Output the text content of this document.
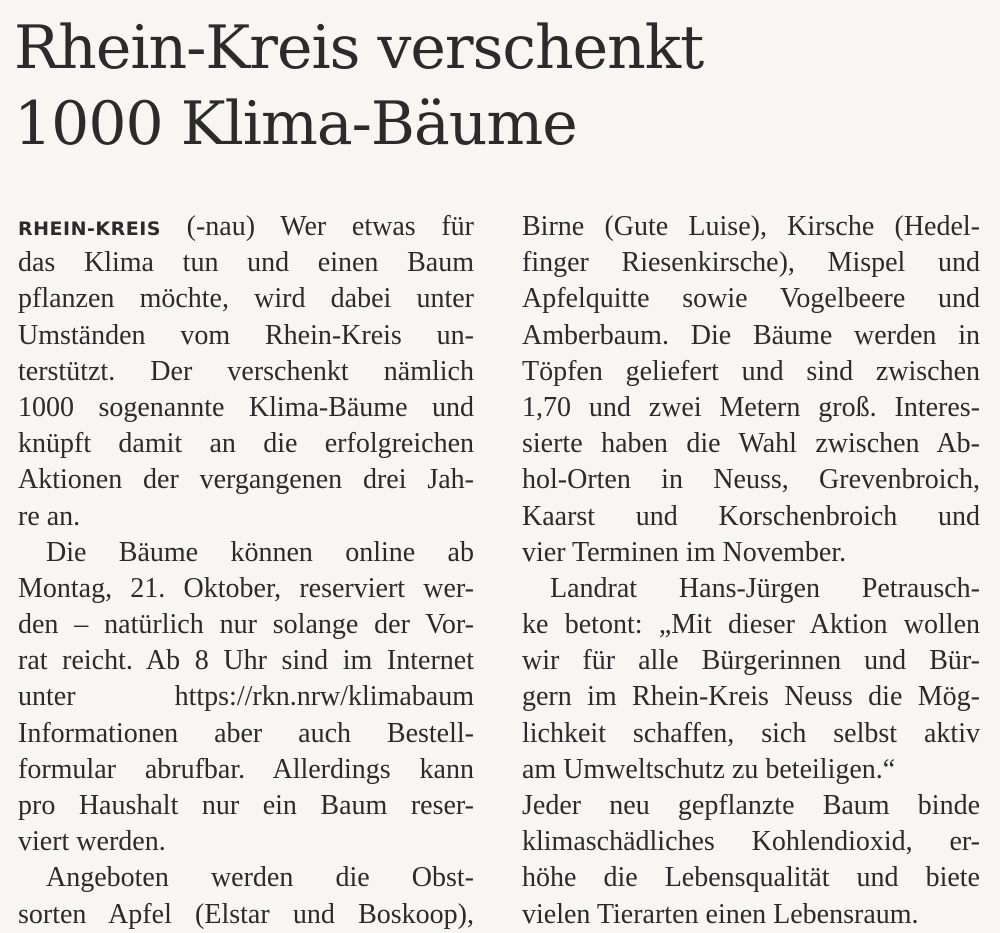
Rhein-Kreis verschenkt
1000 Klima-Bäume
RHEIN-KREIS (-nau) Wer etwas für
das Klima tun und einen Baum
pflanzen möchte, wird dabei unter
Umständen vom Rhein-Kreis un-
terstützt. Der verschenkt nämlich
1000 sogenannte Klima-Bäume und
knüpft damit an die erfolgreichen
Aktionen der vergangenen drei Jah-
re an.
Die Bäume können online ab
Montag, 21. Oktober, reserviert wer-
den – natürlich nur solange der Vor-
rat reicht. Ab 8 Uhr sind im Internet
unter https://rkn.nrw/klimabaum
Informationen aber auch Bestell-
formular abrufbar. Allerdings kann
pro Haushalt nur ein Baum reser-
viert werden.
Angeboten werden die Obst-
sorten Apfel (Elstar und Boskoop),
Birne (Gute Luise), Kirsche (Hedel-
finger Riesenkirsche), Mispel und
Apfelquitte sowie Vogelbeere und
Amberbaum. Die Bäume werden in
Töpfen geliefert und sind zwischen
1,70 und zwei Metern groß. Interes-
sierte haben die Wahl zwischen Ab-
hol-Orten in Neuss, Grevenbroich,
Kaarst und Korschenbroich und
vier Terminen im November.
Landrat Hans-Jürgen Petrausch-
ke betont: „Mit dieser Aktion wollen
wir für alle Bürgerinnen und Bür-
gern im Rhein-Kreis Neuss die Mög-
lichkeit schaffen, sich selbst aktiv
am Umweltschutz zu beteiligen.“
Jeder neu gepflanzte Baum binde
klimaschädliches Kohlendioxid, er-
höhe die Lebensqualität und biete
vielen Tierarten einen Lebensraum.
